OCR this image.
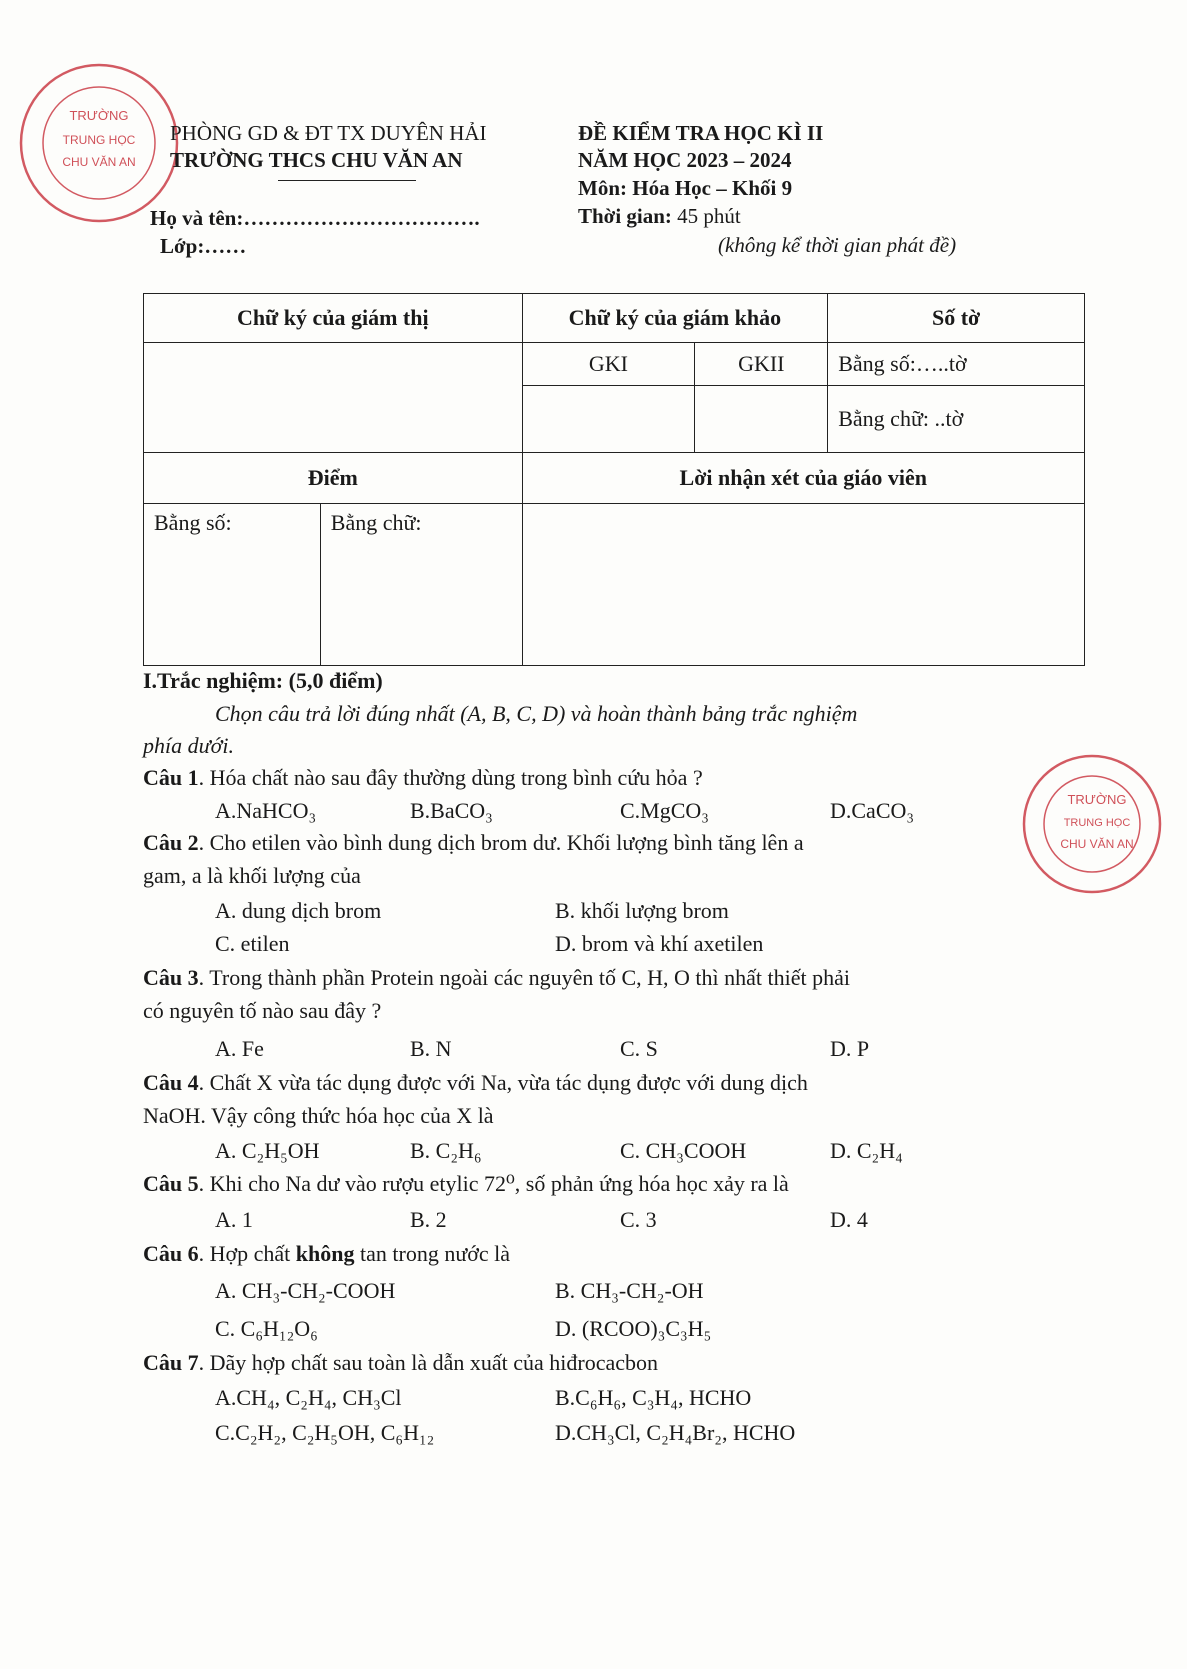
TRƯỜNG
TRUNG HỌC
CHU VĂN AN
TRƯỜNG
TRUNG HỌC
CHU VĂN AN
PHÒNG GD & ĐT TX DUYÊN HẢI
TRƯỜNG THCS CHU VĂN AN
Họ và tên:…………………………….
Lớp:……
ĐỀ KIỂM TRA HỌC KÌ II
NĂM HỌC 2023 – 2024
Môn: Hóa Học – Khối 9
Thời gian: 45 phút
(không kể thời gian phát đề)
Chữ ký của giám thị		Chữ ký của giám khảo		Số tờ
		GKI	GKII	Bằng số:…..tờ
				Bằng chữ: ..tờ
Điểm		Lời nhận xét của giáo viên		
Bằng số:	Bằng chữ:			
I.Trắc nghiệm: (5,0 điểm)
Chọn câu trả lời đúng nhất (A, B, C, D) và hoàn thành bảng trắc nghiệm
phía dưới.
Câu 1. Hóa chất nào sau đây thường dùng trong bình cứu hỏa ?
A.NaHCO₃	B.BaCO₃	C.MgCO₃	D.CaCO₃
Câu 2. Cho etilen vào bình dung dịch brom dư. Khối lượng bình tăng lên a
gam, a là khối lượng của
A. dung dịch brom	B. khối lượng brom
C. etilen	D. brom và khí axetilen
Câu 3. Trong thành phần Protein ngoài các nguyên tố C, H, O thì nhất thiết phải
có nguyên tố nào sau đây ?
A. Fe	B. N	C. S	D. P
Câu 4. Chất X vừa tác dụng được với Na, vừa tác dụng được với dung dịch
NaOH. Vậy công thức hóa học của X là
A. C₂H₅OH	B. C₂H₆	C. CH₃COOH	D. C₂H₄
Câu 5. Khi cho Na dư vào rượu etylic 72⁰, số phản ứng hóa học xảy ra là
A. 1	B. 2	C. 3	D. 4
Câu 6. Hợp chất không tan trong nước là
A. CH₃-CH₂-COOH	B. CH₃-CH₂-OH
C. C₆H₁₂O₆	D. (RCOO)₃C₃H₅
Câu 7. Dãy hợp chất sau toàn là dẫn xuất của hiđrocacbon
A.CH₄, C₂H₄, CH₃Cl	B.C₆H₆, C₃H₄, HCHO
C.C₂H₂, C₂H₅OH, C₆H₁₂	D.CH₃Cl, C₂H₄Br₂, HCHO
